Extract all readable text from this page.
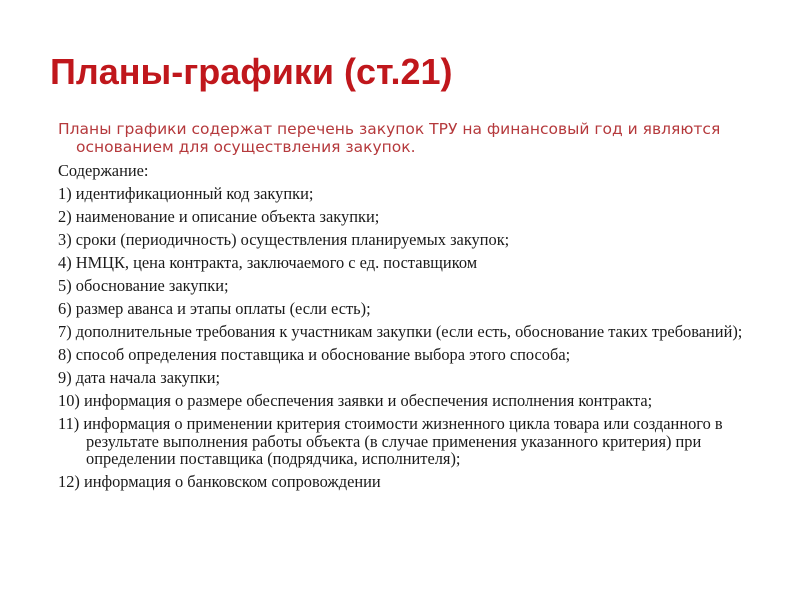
Планы-графики (ст.21)

Планы графики содержат перечень закупок ТРУ на финансовый год и являются основанием для осуществления закупок.

Содержание:

1) идентификационный код закупки;

2) наименование и описание объекта закупки;

3) сроки (периодичность) осуществления планируемых закупок;

4) НМЦК, цена контракта, заключаемого с ед. поставщиком

5) обоснование закупки;

6) размер аванса и этапы оплаты (если есть);

7) дополнительные требования к участникам закупки (если есть, обоснование таких требований);

8) способ определения поставщика и обоснование выбора этого способа;

9) дата начала закупки;

10) информация о размере обеспечения заявки и обеспечения исполнения контракта;

11) информация о применении критерия стоимости жизненного цикла товара или созданного в результате выполнения работы объекта (в случае применения указанного критерия) при определении поставщика (подрядчика, исполнителя);

12) информация о банковском сопровождении
